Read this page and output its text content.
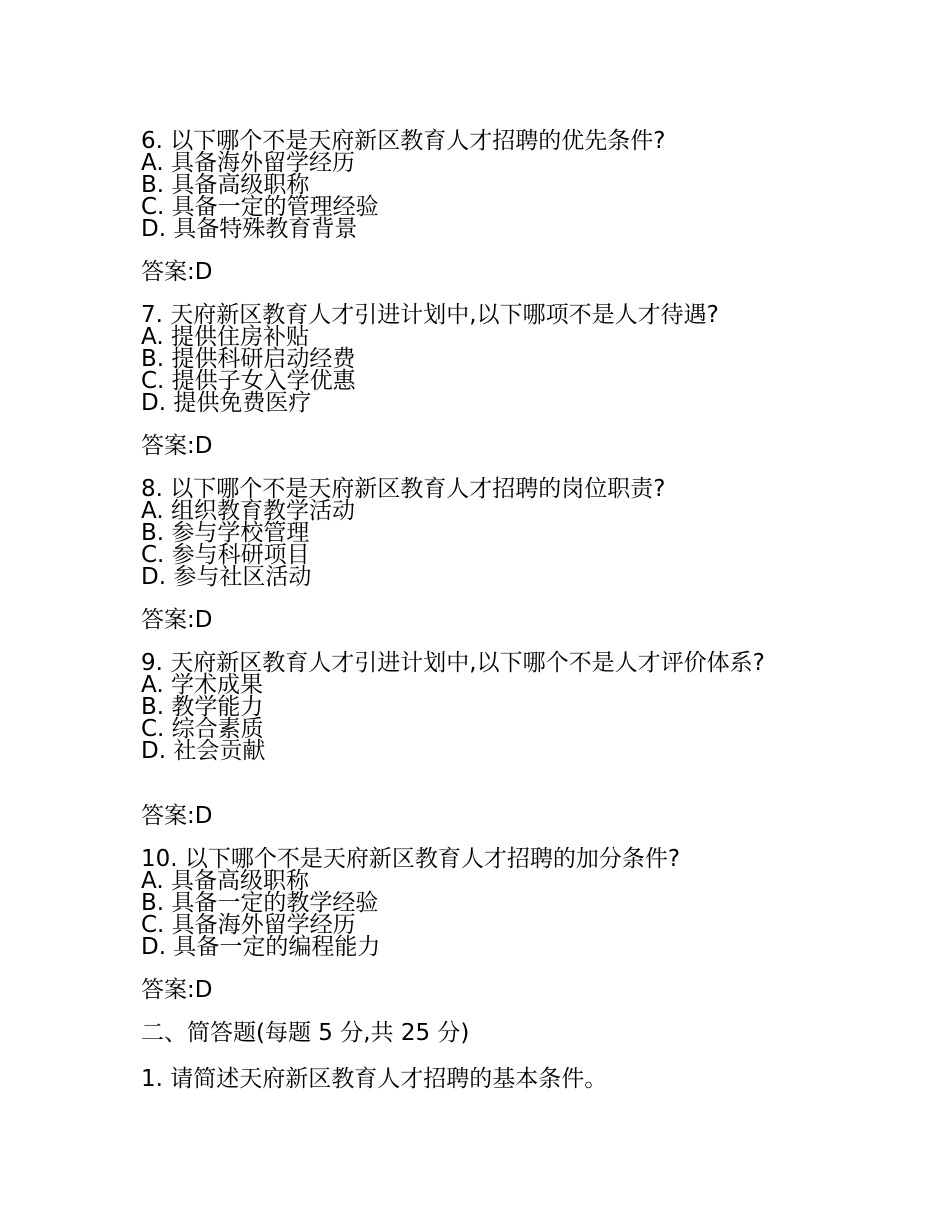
6. 以下哪个不是天府新区教育人才招聘的优先条件?
A. 具备海外留学经历
B. 具备高级职称
C. 具备一定的管理经验
D. 具备特殊教育背景
答案:D
7. 天府新区教育人才引进计划中,以下哪项不是人才待遇?
A. 提供住房补贴
B. 提供科研启动经费
C. 提供子女入学优惠
D. 提供免费医疗
答案:D
8. 以下哪个不是天府新区教育人才招聘的岗位职责?
A. 组织教育教学活动
B. 参与学校管理
C. 参与科研项目
D. 参与社区活动
答案:D
9. 天府新区教育人才引进计划中,以下哪个不是人才评价体系?
A. 学术成果
B. 教学能力
C. 综合素质
D. 社会贡献
答案:D
10. 以下哪个不是天府新区教育人才招聘的加分条件?
A. 具备高级职称
B. 具备一定的教学经验
C. 具备海外留学经历
D. 具备一定的编程能力
答案:D
二、简答题(每题 5 分,共 25 分)
1. 请简述天府新区教育人才招聘的基本条件。
